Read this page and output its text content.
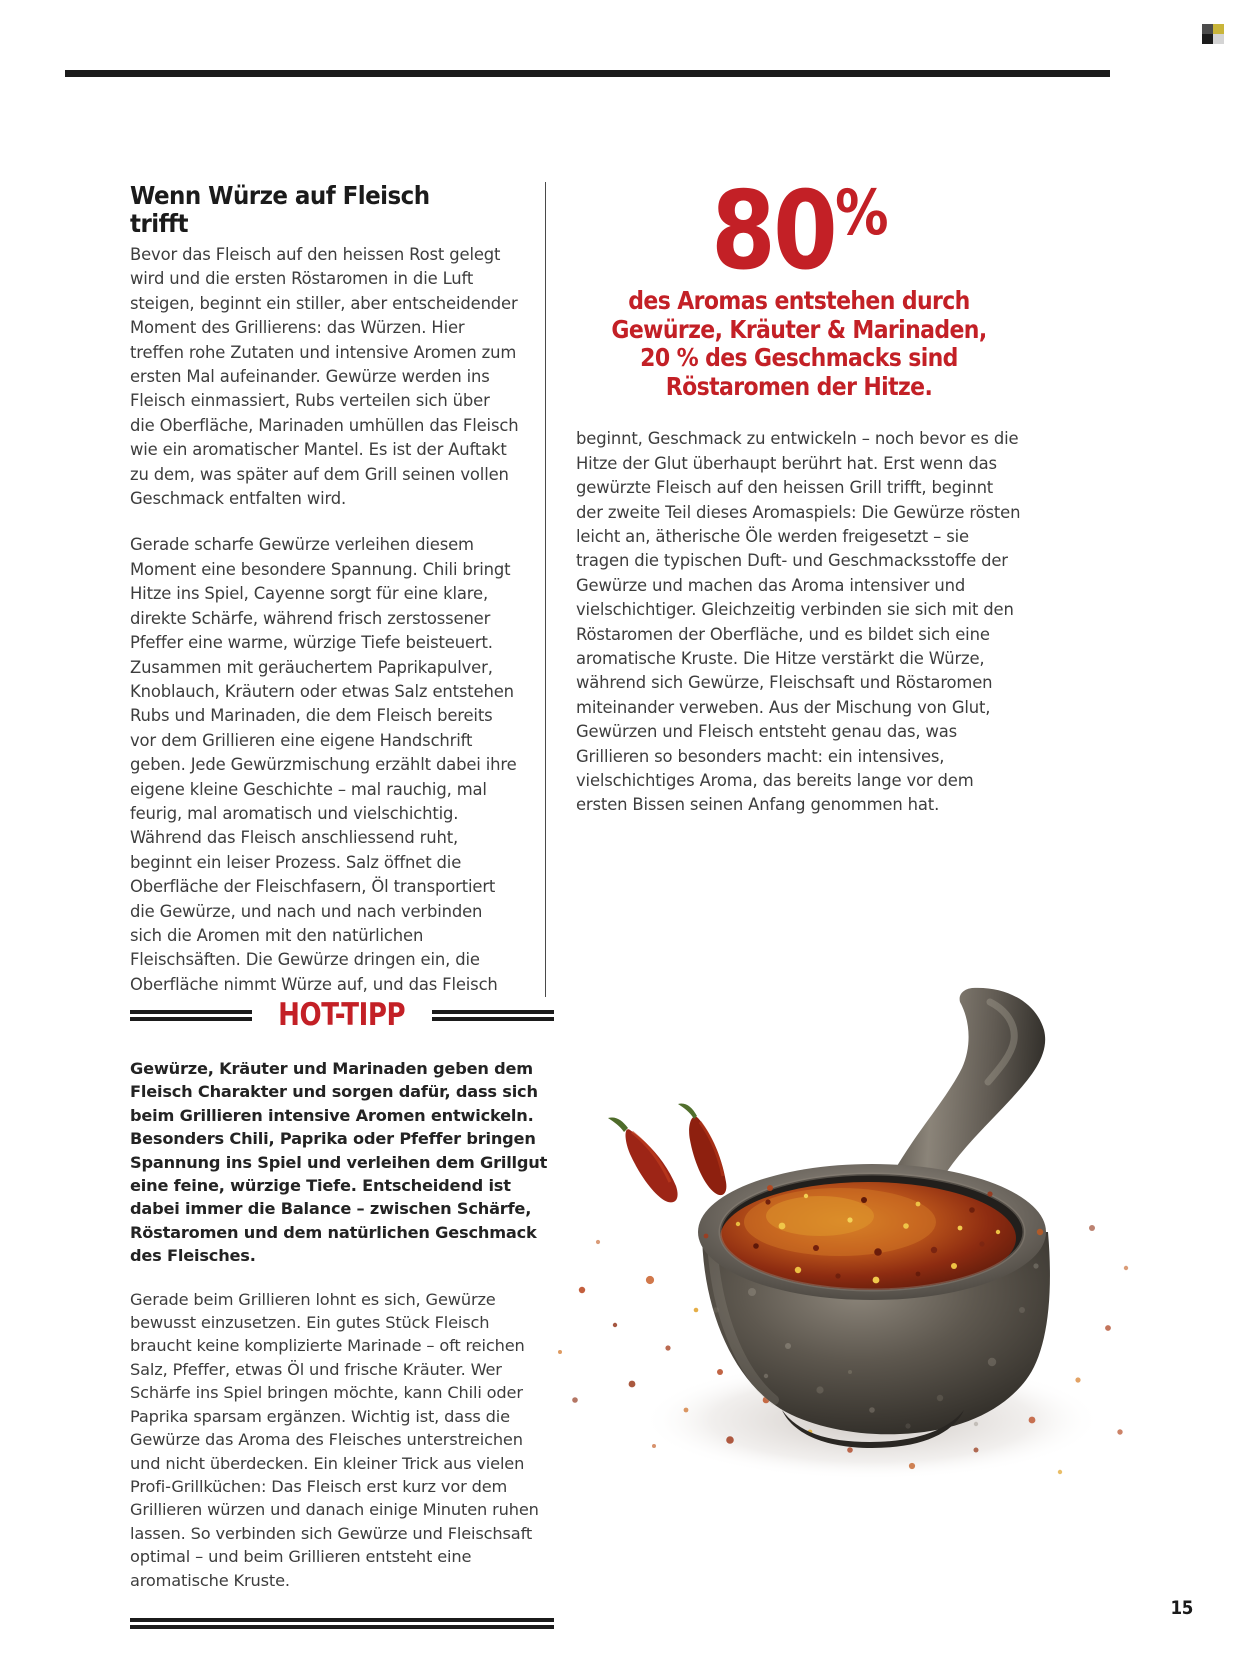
Wenn Würze auf Fleisch trifft

Bevor das Fleisch auf den heissen Rost gelegt wird und die ersten Röstaromen in die Luft steigen, beginnt ein stiller, aber entscheidender Moment des Grillierens: das Würzen. Hier treffen rohe Zutaten und intensive Aromen zum ersten Mal aufeinander. Gewürze werden ins Fleisch einmassiert, Rubs verteilen sich über die Oberfläche, Marinaden umhüllen das Fleisch wie ein aromatischer Mantel. Es ist der Auftakt zu dem, was später auf dem Grill seinen vollen Geschmack entfalten wird.

Gerade scharfe Gewürze verleihen diesem Moment eine besondere Spannung. Chili bringt Hitze ins Spiel, Cayenne sorgt für eine klare, direkte Schärfe, während frisch zerstossener Pfeffer eine warme, würzige Tiefe beisteuert. Zusammen mit geräuchertem Paprikapulver, Knoblauch, Kräutern oder etwas Salz entstehen Rubs und Marinaden, die dem Fleisch bereits vor dem Grillieren eine eigene Handschrift geben. Jede Gewürzmischung erzählt dabei ihre eigene kleine Geschichte – mal rauchig, mal feurig, mal aromatisch und vielschichtig. Während das Fleisch anschliessend ruht, beginnt ein leiser Prozess. Salz öffnet die Oberfläche der Fleischfasern, Öl transportiert die Gewürze, und nach und nach verbinden sich die Aromen mit den natürlichen Fleischsäften. Die Gewürze dringen ein, die Oberfläche nimmt Würze auf, und das Fleisch

80%
des Aromas entstehen durch
Gewürze, Kräuter & Marinaden,
20 % des Geschmacks sind
Röstaromen der Hitze.

beginnt, Geschmack zu entwickeln – noch bevor es die Hitze der Glut überhaupt berührt hat. Erst wenn das gewürzte Fleisch auf den heissen Grill trifft, beginnt der zweite Teil dieses Aromaspiels: Die Gewürze rösten leicht an, ätherische Öle werden freigesetzt – sie tragen die typischen Duft- und Geschmacksstoffe der Gewürze und machen das Aroma intensiver und vielschichtiger. Gleichzeitig verbinden sie sich mit den Röstaromen der Oberfläche, und es bildet sich eine aromatische Kruste. Die Hitze verstärkt die Würze, während sich Gewürze, Fleischsaft und Röstaromen miteinander verweben. Aus der Mischung von Glut, Gewürzen und Fleisch entsteht genau das, was Grillieren so besonders macht: ein intensives, vielschichtiges Aroma, das bereits lange vor dem ersten Bissen seinen Anfang genommen hat.

HOT-TIPP

Gewürze, Kräuter und Marinaden geben dem Fleisch Charakter und sorgen dafür, dass sich beim Grillieren intensive Aromen entwickeln. Besonders Chili, Paprika oder Pfeffer bringen Spannung ins Spiel und verleihen dem Grillgut eine feine, würzige Tiefe. Entscheidend ist dabei immer die Balance – zwischen Schärfe, Röstaromen und dem natürlichen Geschmack des Fleisches.

Gerade beim Grillieren lohnt es sich, Gewürze bewusst einzusetzen. Ein gutes Stück Fleisch braucht keine komplizierte Marinade – oft reichen Salz, Pfeffer, etwas Öl und frische Kräuter. Wer Schärfe ins Spiel bringen möchte, kann Chili oder Paprika sparsam ergänzen. Wichtig ist, dass die Gewürze das Aroma des Fleisches unterstreichen und nicht überdecken. Ein kleiner Trick aus vielen Profi-Grillküchen: Das Fleisch erst kurz vor dem Grillieren würzen und danach einige Minuten ruhen lassen. So verbinden sich Gewürze und Fleischsaft optimal – und beim Grillieren entsteht eine aromatische Kruste.

15
